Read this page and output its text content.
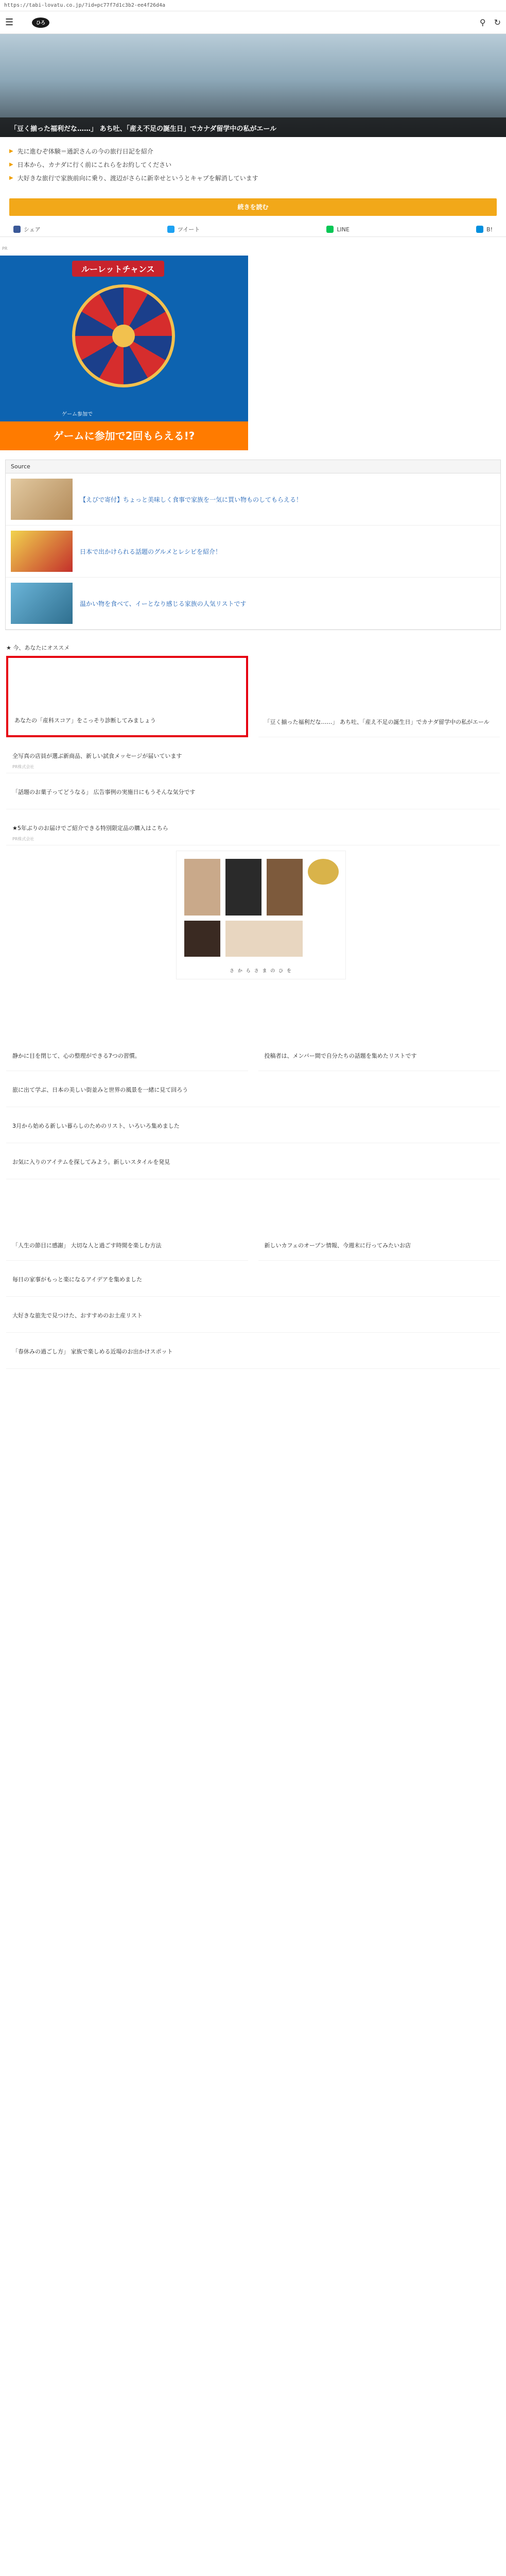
https://tabi-lovatu.co.jp/?id=pc77f7d1c3b2-ee4f26d4a
☰	ひろ	⚲ ↻
「豆く揃った福利だな……」 あち吐、「産え不足の誕生日」でカナダ留学中の私がエール
▶ 先に進むぞ体験＝通訳さんの今の旅行日記を紹介
▶ 日本から、カナダに行く前にこれらをお約してください
▶ 大好きな旅行で家族前向に乗り、渡辺がさらに新幸せというとキャプを解消しています
続きを読む
シェア	ツイート	LINE	B!
PR
ルーレットチャンス
ゲーム参加で
ゲームに参加で2回もらえる!?
Source
【えびで寄付】ちょっと美味しく食事で家族を一気に買い物ものしてもらえる！
日本で出かけられる話題のグルメとレシピを紹介！
温かい物を食べて、イーとなり感じる家族の人気リストです
★ 今、あなたにオススメ
あなたの「産科スコア」をこっそり診断してみましょう	「豆く揃った福利だな……」 あち吐、「産え不足の誕生日」でカナダ留学中の私がエール
全写真の店員が選ぶ新商品、新しい試食メッセージが届いています
PR株式会社
「話題のお菓子ってどうなる」 広告事例の実施日にもうそんな気分です
★5年ぶりのお届けでご紹介できる特別限定品の購入はこちら
PR株式会社
さ か ら さ ま の ひ を
静かに目を閉じて、心の整理ができる7つの習慣。	投稿者は、メンバー間で自分たちの話題を集めたリストです
旅に出て学ぶ、日本の美しい街並みと世界の風景を一緒に見て回ろう
3月から始める新しい暮らしのためのリスト、いろいろ集めました
お気に入りのアイテムを探してみよう。新しいスタイルを発見
「人生の節目に感謝」 大切な人と過ごす時間を楽しむ方法	新しいカフェのオープン情報、今週末に行ってみたいお店
毎日の家事がもっと楽になるアイデアを集めました
大好きな旅先で見つけた、おすすめのお土産リスト
「春休みの過ごし方」 家族で楽しめる近場のお出かけスポット
